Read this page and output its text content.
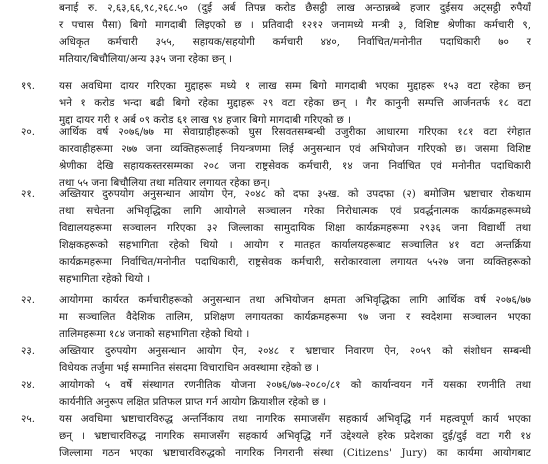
बनाई रु. २,६३,६६,९८,२६८.५० (दुई अर्ब तिपन्न करोड छैसट्ठी लाख अन्ठान्नब्बे हजार दुईसय अट्सट्ठी रुपैयाँ
र पचास पैसा) बिगो मागदाबी लिइएको छ । प्रतिवादी १२१२ जनामध्ये मन्त्री ३, विशिष्ट श्रेणीका कर्मचारी ९,
अधिकृत कर्मचारी ३५५, सहायक/सहयोगी कर्मचारी ४४०, निर्वाचित/मनोनीत पदाधिकारी ७० र
मतियार/बिचौलिया/अन्य ३३५ जना रहेका छन् ।
१९.	यस अवधिमा दायर गरिएका मुद्दाहरू मध्ये १ लाख सम्म बिगो मागदाबी भएका मुद्दाहरू १५३ वटा रहेका छन्
भने १ करोड भन्दा बढी बिगो रहेका मुद्दाहरू २९ वटा रहेका छन् । गैर कानुनी सम्पत्ति आर्जनतर्फ १८ वटा
मुद्दा दायर गरी १ अर्ब ०९ करोड ६१ लाख ९४ हजार बिगो मागदाबी गरिएको छ ।
२०.	आर्थिक वर्ष २०७६/७७ मा सेवाग्राहीहरूको घुस रिसवतसम्बन्धी उजुरीका आधारमा गरिएका १८१ वटा रंगेहात
कारवाहीहरूमा २७७ जना व्यक्तिहरूलाई नियन्त्रणमा लिई अनुसन्धान एवं अभियोजन गरिएको छ। जसमा विशिष्ट
श्रेणीका देखि सहायकस्तरसम्मका २०८ जना राष्ट्रसेवक कर्मचारी, १४ जना निर्वाचित एवं मनोनीत पदाधिकारी
तथा ५५ जना बिचौलिया तथा मतियार लगायत रहेका छन्।
२१.	अख्तियार दुरुपयोग अनुसन्धान आयोग ऐन, २०४८ को दफा ३५ख. को उपदफा (२) बमोजिम भ्रष्टाचार रोकथाम
तथा सचेतना अभिवृद्धिका लागि आयोगले सञ्चालन गरेका निरोधात्मक एवं प्रवर्द्धनात्मक कार्यक्रमहरूमध्ये
विद्यालयहरूमा सञ्चालन गरिएका ३२ जिल्लाका सामुदायिक शिक्षा कार्यक्रमहरूमा २९३६ जना विद्यार्थी तथा
शिक्षकहरूको सहभागिता रहेको थियो । आयोग र मातहत कार्यालयहरूबाट सञ्चालित ४१ वटा अन्तर्क्रिया
कार्यक्रमहरूमा निर्वाचित/मनोनीत पदाधिकारी, राष्ट्रसेवक कर्मचारी, सरोकारवाला लगायत ५५२७ जना व्यक्तिहरूको
सहभागिता रहेको थियो ।
२२.	आयोगमा कार्यरत कर्मचारीहरूको अनुसन्धान तथा अभियोजन क्षमता अभिवृद्धिका लागि आर्थिक वर्ष २०७६/७७
मा सञ्चालित वैदेशिक तालिम, प्रशिक्षण लगायतका कार्यक्रमहरूमा ९७ जना र स्वदेशमा सञ्चालन भएका
तालिमहरूमा १८४ जनाको सहभागिता रहेको थियो ।
२३.	अख्तियार दुरुपयोग अनुसन्धान आयोग ऐन, २०४८ र भ्रष्टाचार निवारण ऐन, २०५९ को संशोधन सम्बन्धी
विधेयक तर्जुमा भई सम्मानित संसदमा विचाराधिन अवस्थामा रहेको छ ।
२४.	आयोगको ५ वर्षे संस्थागत रणनीतिक योजना २०७६/७७-२०८०/८१ को कार्यान्वयन गर्ने यसका रणनीति तथा
कार्यनीति अनुरूप लक्षित प्रतिफल प्राप्त गर्न आयोग क्रियाशील रहेको छ ।
२५.	यस अवधिमा भ्रष्टाचारविरुद्ध अन्तर्निकाय तथा नागरिक समाजसँग सहकार्य अभिवृद्धि गर्न महत्वपूर्ण कार्य भएका
छन् । भ्रष्टाचारविरुद्ध नागरिक समाजसँग सहकार्य अभिवृद्धि गर्ने उद्देश्यले हरेक प्रदेशका दुई/दुई वटा गरी १४
जिल्लामा गठन भएका भ्रष्टाचारविरुद्धको नागरिक निगरानी संस्था (Citizens' Jury) का कार्यमा आयोगबाट
